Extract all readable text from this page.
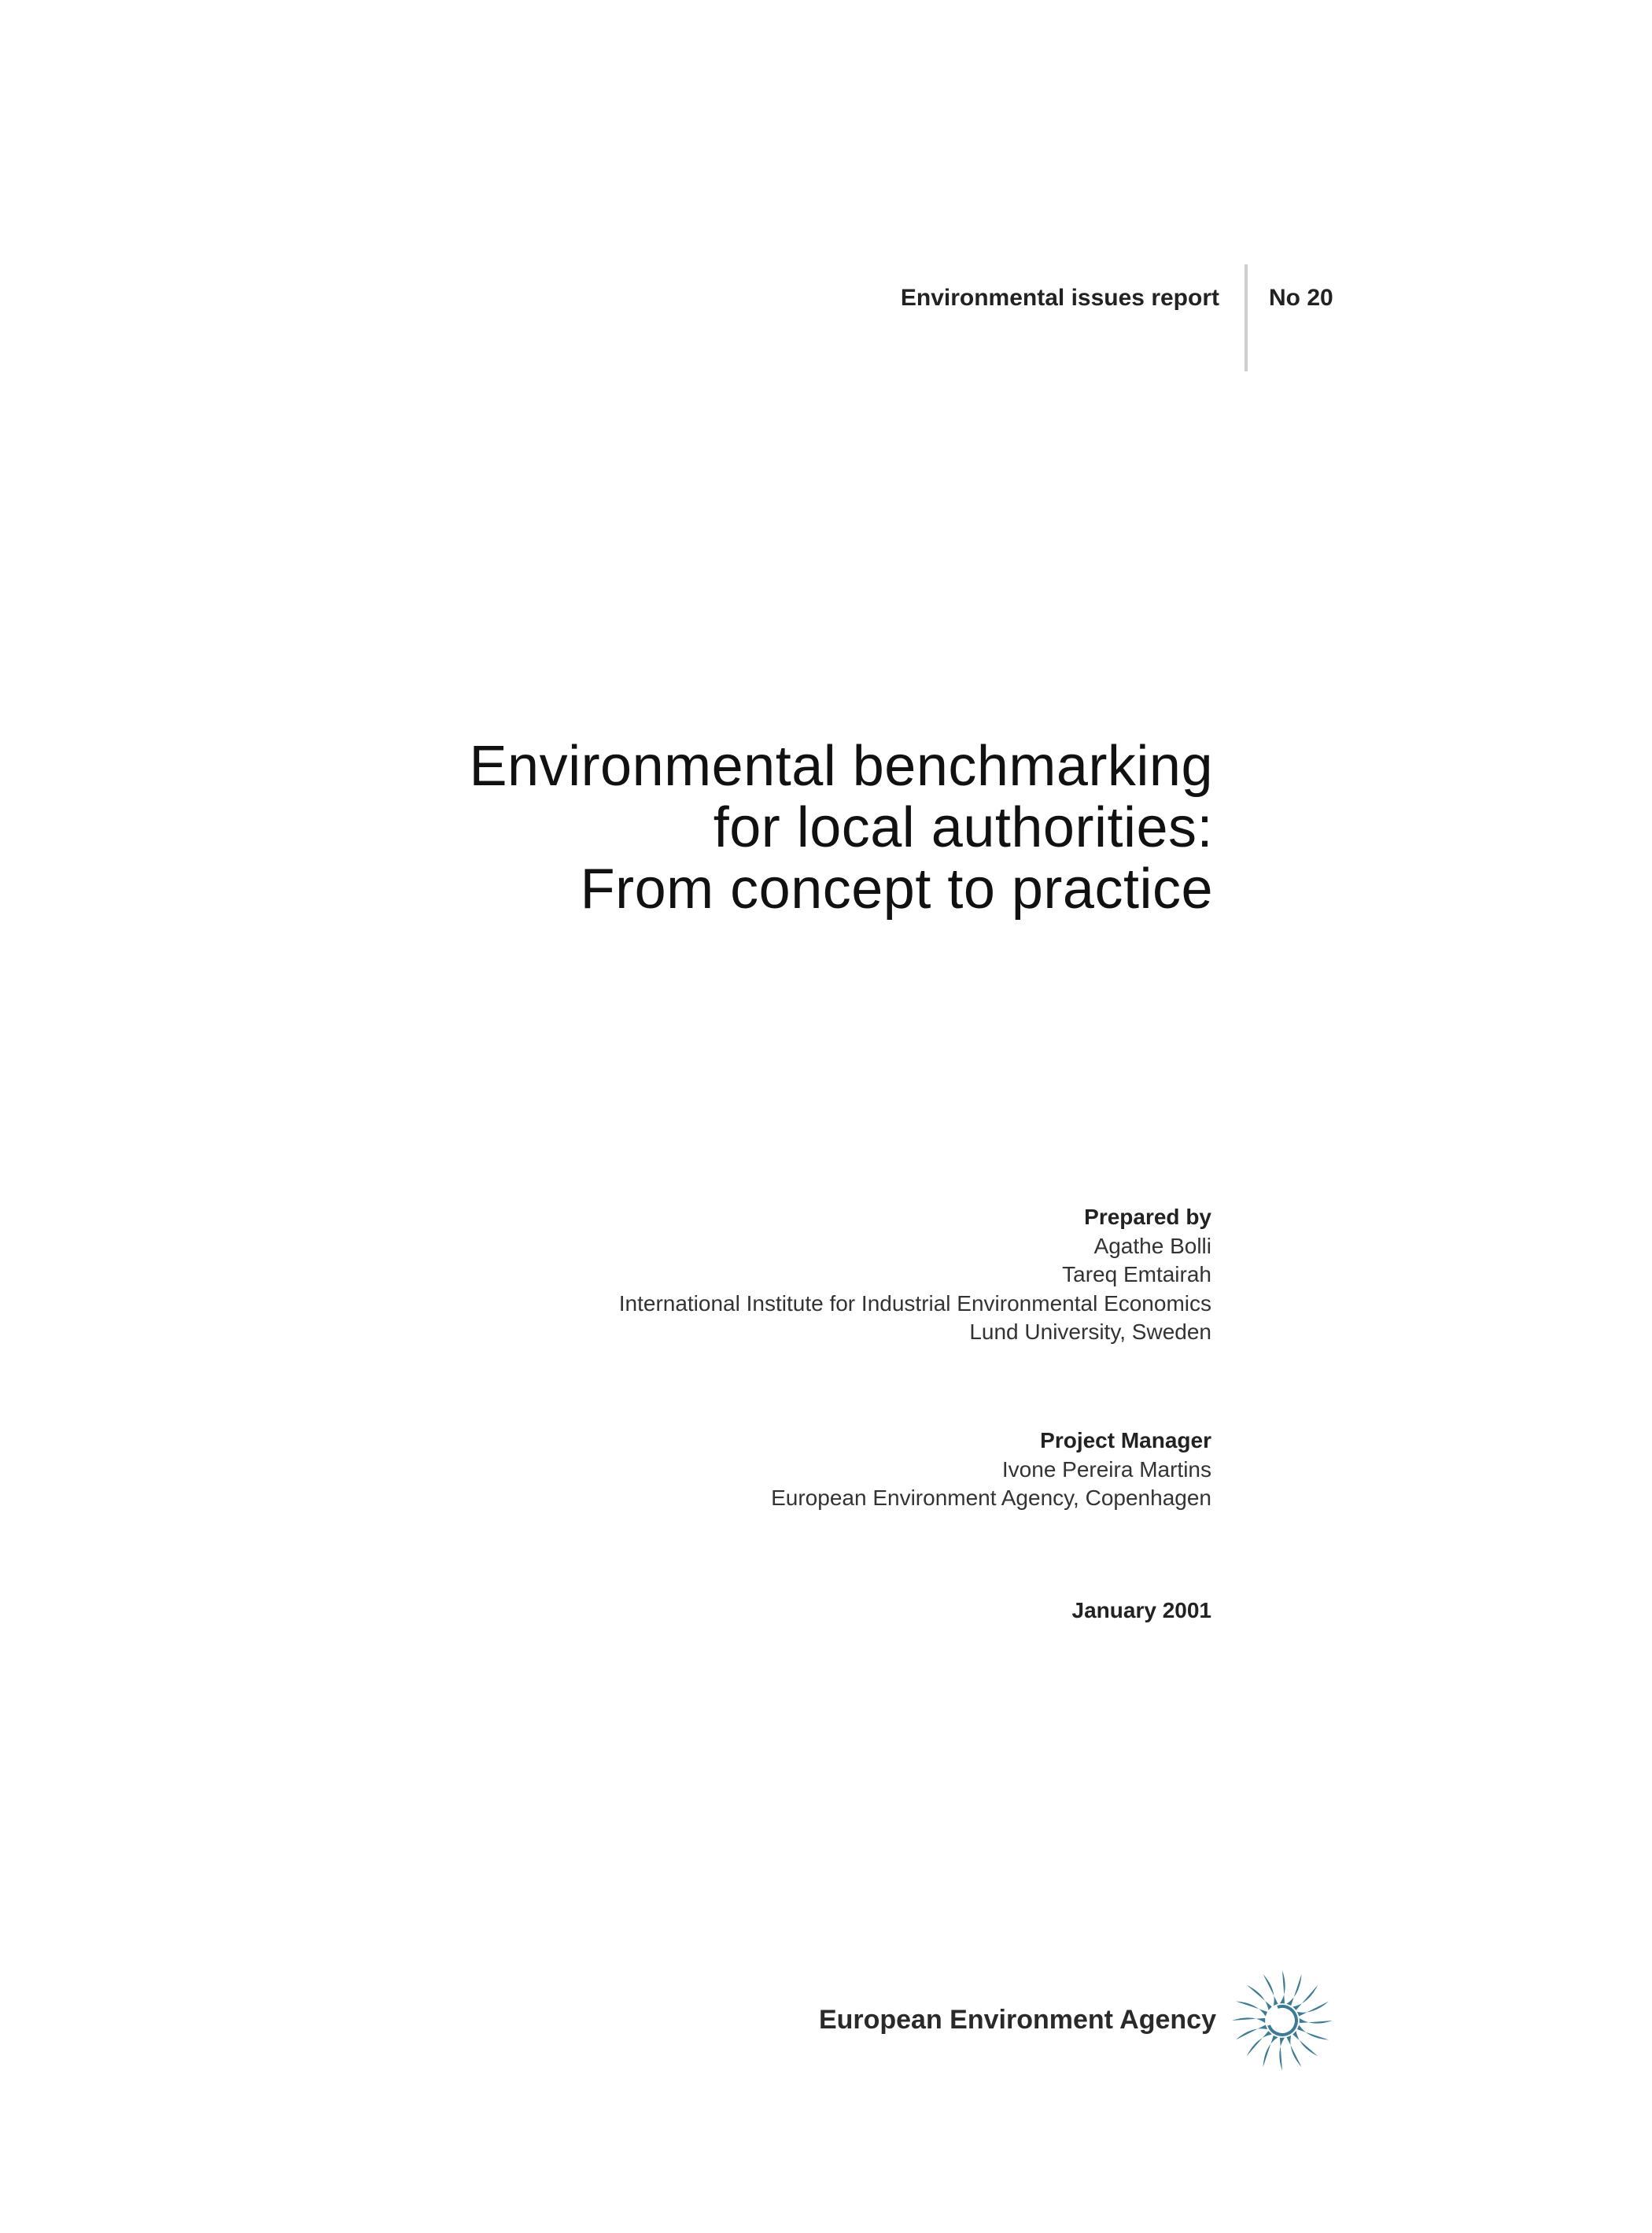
Environmental issues report No 20
Environmental benchmarking
for local authorities:
From concept to practice
Prepared by
Agathe Bolli
Tareq Emtairah
International Institute for Industrial Environmental Economics
Lund University, Sweden
Project Manager
Ivone Pereira Martins
European Environment Agency, Copenhagen
January 2001
European Environment Agency
